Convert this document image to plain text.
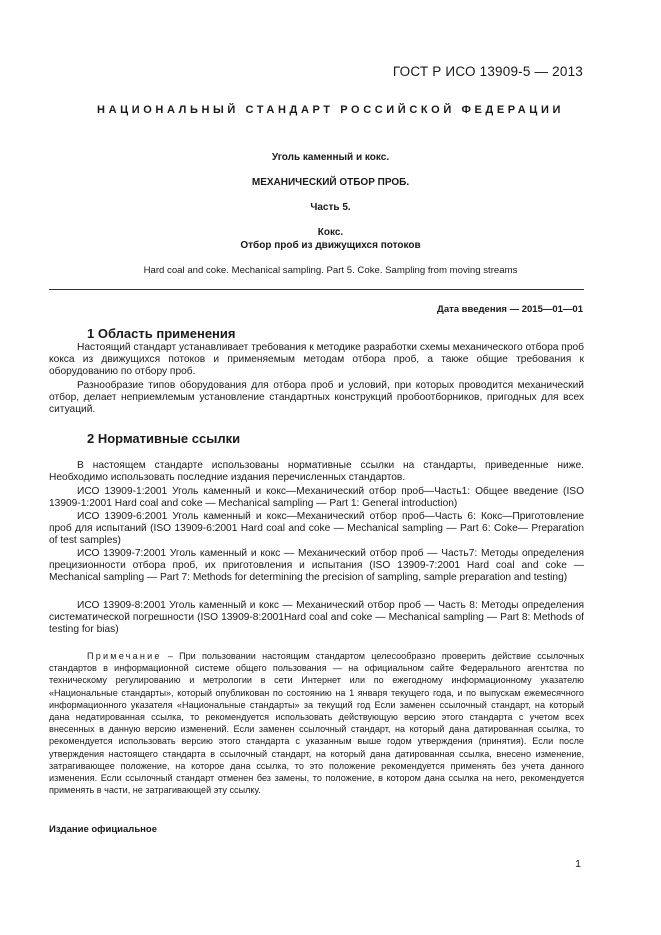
ГОСТ Р ИСО 13909-5 — 2013
НАЦИОНАЛЬНЫЙ СТАНДАРТ РОССИЙСКОЙ ФЕДЕРАЦИИ
Уголь каменный и кокс.
МЕХАНИЧЕСКИЙ ОТБОР ПРОБ.
Часть 5.
Кокс.
Отбор проб из движущихся потоков
Hard coal and coke. Mechanical sampling. Part 5. Coke. Sampling from moving streams
Дата введения — 2015—01—01
1 Область применения

Настоящий стандарт устанавливает требования к методике разработки схемы механического отбора проб кокса из движущихся потоков и применяемым методам отбора проб, а также общие требования к оборудованию по отбору проб.

Разнообразие типов оборудования для отбора проб и условий, при которых проводится механический отбор, делает неприемлемым установление стандартных конструкций пробоотборников, пригодных для всех ситуаций.

2 Нормативные ссылки

В настоящем стандарте использованы нормативные ссылки на стандарты, приведенные ниже. Необходимо использовать последние издания перечисленных стандартов.

ИСО 13909-1:2001 Уголь каменный и кокс—Механический отбор проб—Часть1: Общее введение (ISO 13909-1:2001 Hard coal and coke — Mechanical sampling — Part 1: General introduction)

ИСО 13909-6:2001 Уголь каменный и кокс—Механический отбор проб—Часть 6: Кокс—Приготовление проб для испытаний (ISO 13909-6:2001 Hard coal and coke — Mechanical sampling — Part 6: Coke— Preparation of test samples)

ИСО 13909-7:2001 Уголь каменный и кокс — Механический отбор проб — Часть7: Методы определения прецизионности отбора проб, их приготовления и испытания (ISO 13909-7:2001 Hard coal and coke — Mechanical sampling — Part 7: Methods for determining the precision of sampling, sample preparation and testing)

ИСО 13909-8:2001 Уголь каменный и кокс — Механический отбор проб — Часть 8: Методы определения систематической погрешности (ISO 13909-8:2001Hard coal and coke — Mechanical sampling — Part 8: Methods of testing for bias)

Примечание – При пользовании настоящим стандартом целесообразно проверить действие ссылочных стандартов в информационной системе общего пользования — на официальном сайте Федерального агентства по техническому регулированию и метрологии в сети Интернет или по ежегодному информационному указателю «Национальные стандарты», который опубликован по состоянию на 1 января текущего года, и по выпускам ежемесячного информационного указателя «Национальные стандарты» за текущий год Если заменен ссылочный стандарт, на который дана недатированная ссылка, то рекомендуется использовать действующую версию этого стандарта с учетом всех внесенных в данную версию изменений. Если заменен ссылочный стандарт, на который дана датированная ссылка, то рекомендуется использовать версию этого стандарта с указанным выше годом утверждения (принятия). Если после утверждения настоящего стандарта в ссылочный стандарт, на который дана датированная ссылка, внесено изменение, затрагивающее положение, на которое дана ссылка, то это положение рекомендуется применять без учета данного изменения. Если ссылочный стандарт отменен без замены, то положение, в котором дана ссылка на него, рекомендуется применять в части, не затрагивающей эту ссылку.

Издание официальное
1
